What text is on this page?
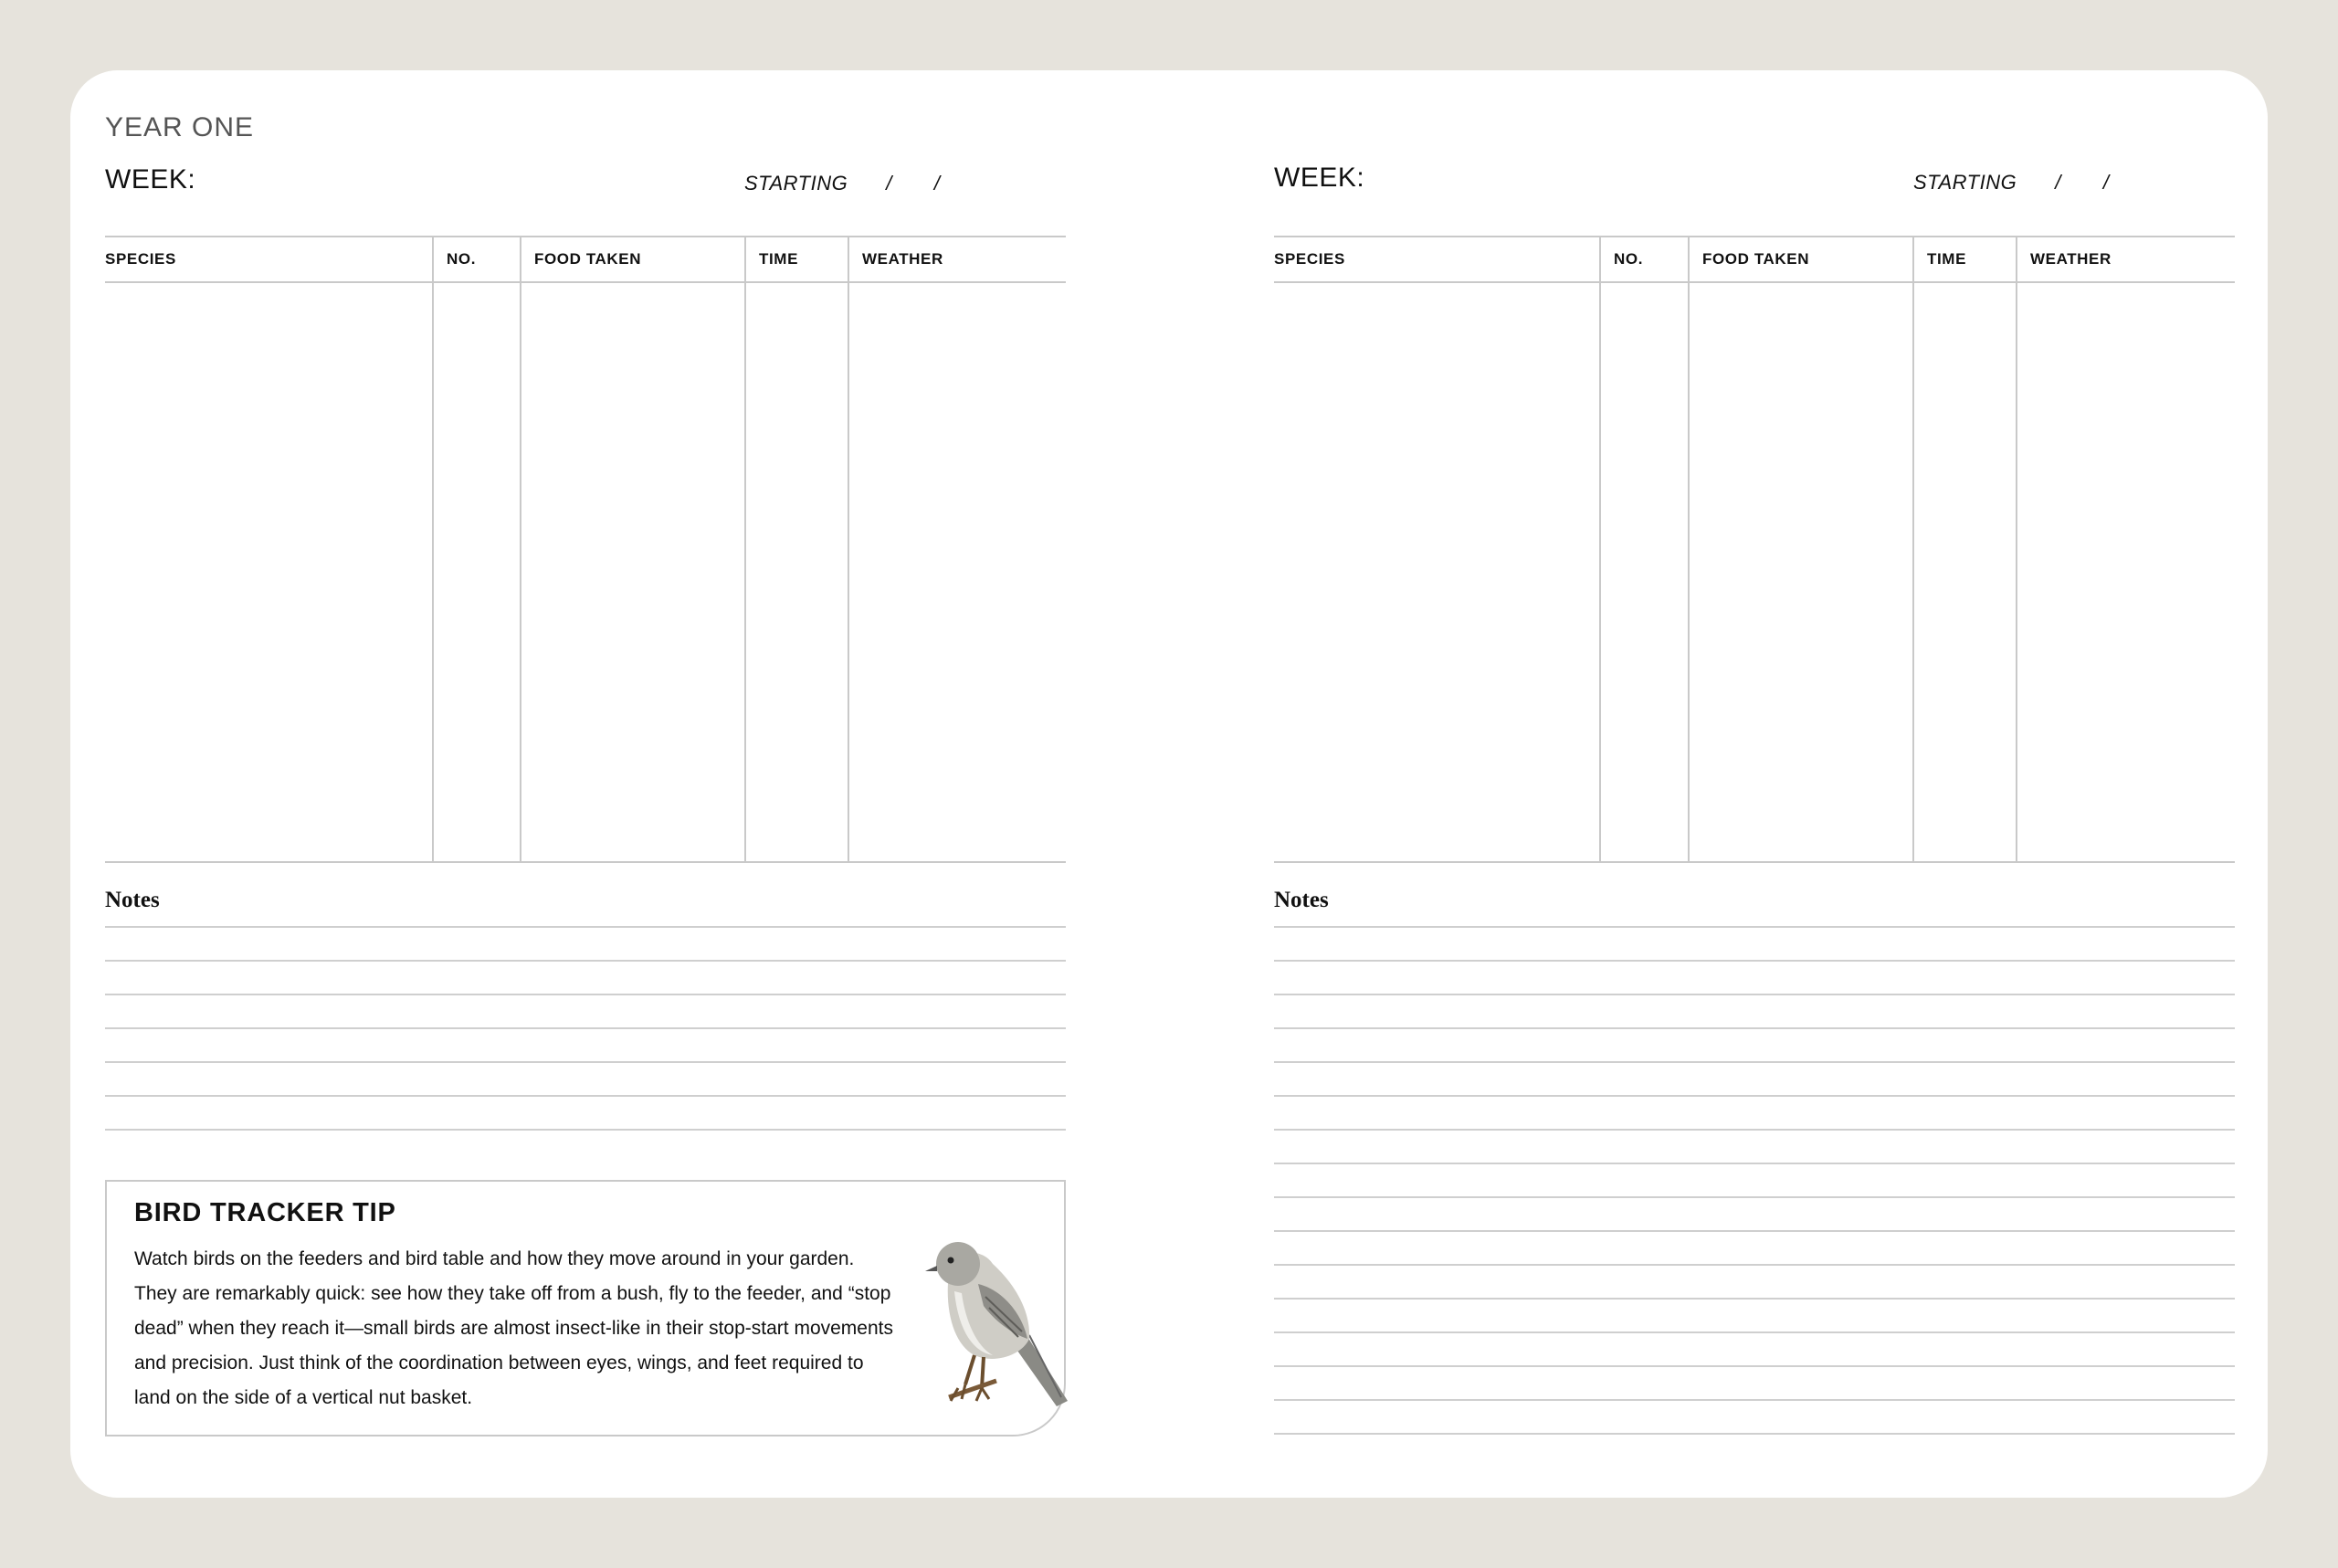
YEAR ONE
WEEK:	STARTING / /
SPECIES	NO.	FOOD TAKEN	TIME	WEATHER

Notes
BIRD TRACKER TIP
Watch birds on the feeders and bird table and how they move around in your garden. They are remarkably quick: see how they take off from a bush, fly to the feeder, and “stop dead” when they reach it—small birds are almost insect-like in their stop-start movements and precision. Just think of the coordination between eyes, wings, and feet required to land on the side of a vertical nut basket.
WEEK:	STARTING / /
SPECIES	NO.	FOOD TAKEN	TIME	WEATHER

Notes
